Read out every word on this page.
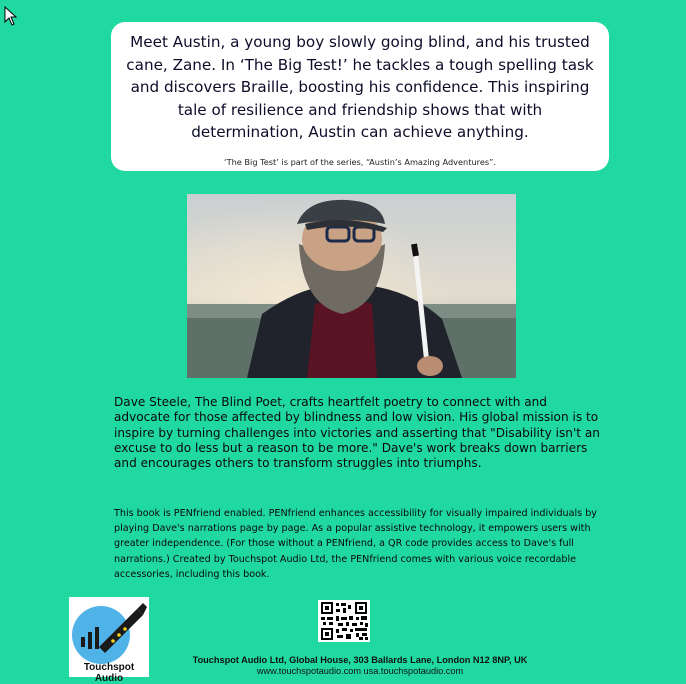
Meet Austin, a young boy slowly going blind, and his trusted cane, Zane. In ‘The Big Test!’ he tackles a tough spelling task and discovers Braille, boosting his confidence. This inspiring tale of resilience and friendship shows that with determination, Austin can achieve anything.

‘The Big Test’ is part of the series, “Austin’s Amazing Adventures”.

Dave Steele, The Blind Poet, crafts heartfelt poetry to connect with and advocate for those affected by blindness and low vision. His global mission is to inspire by turning challenges into victories and asserting that "Disability isn't an excuse to do less but a reason to be more." Dave's work breaks down barriers and encourages others to transform struggles into triumphs.

This book is PENfriend enabled. PENfriend enhances accessibility for visually impaired individuals by playing Dave's narrations page by page. As a popular assistive technology, it empowers users with greater independence. (For those without a PENfriend, a QR code provides access to Dave's full narrations.) Created by Touchspot Audio Ltd, the PENfriend comes with various voice recordable accessories, including this book.

Touchspot Audio
Touchspot Audio Ltd, Global House, 303 Ballards Lane, London N12 8NP, UK
www.touchspotaudio.com usa.touchspotaudio.com
